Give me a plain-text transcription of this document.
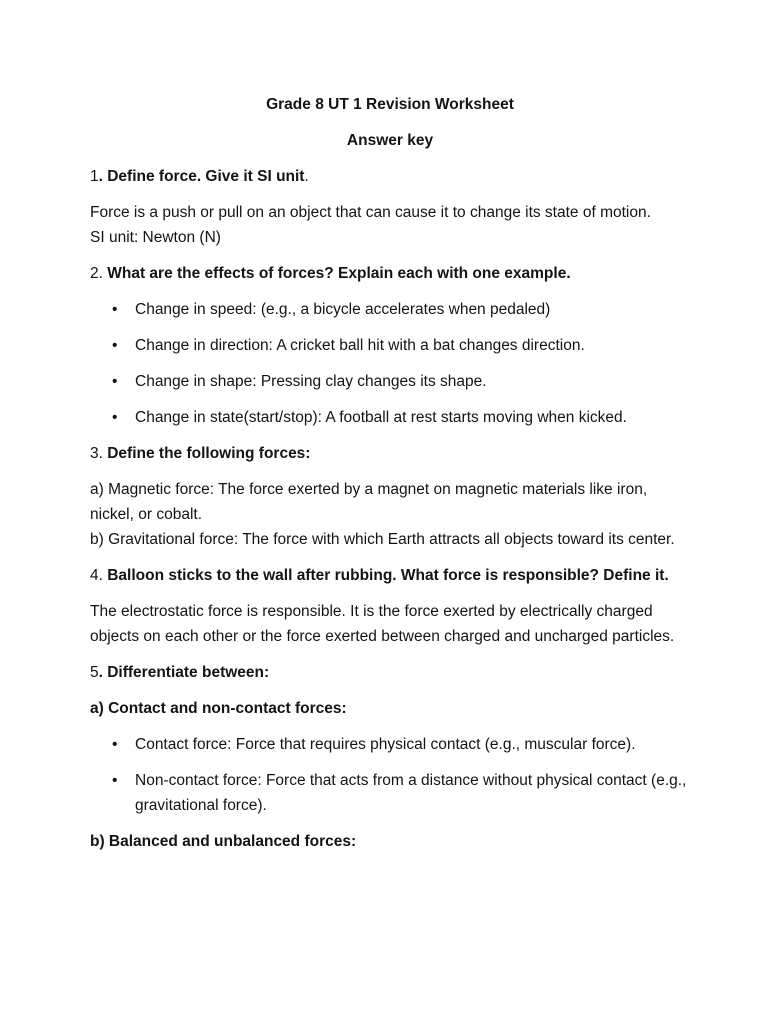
Grade 8 UT 1 Revision Worksheet
Answer key

1. Define force. Give it SI unit.

Force is a push or pull on an object that can cause it to change its state of motion.
SI unit: Newton (N)

2. What are the effects of forces? Explain each with one example.

• Change in speed: (e.g., a bicycle accelerates when pedaled)
• Change in direction: A cricket ball hit with a bat changes direction.
• Change in shape: Pressing clay changes its shape.
• Change in state(start/stop): A football at rest starts moving when kicked.

3. Define the following forces:

a) Magnetic force: The force exerted by a magnet on magnetic materials like iron, nickel, or cobalt.
b) Gravitational force: The force with which Earth attracts all objects toward its center.

4. Balloon sticks to the wall after rubbing. What force is responsible? Define it.

The electrostatic force is responsible. It is the force exerted by electrically charged objects on each other or the force exerted between charged and uncharged particles.

5. Differentiate between:

a) Contact and non-contact forces:

• Contact force: Force that requires physical contact (e.g., muscular force).
• Non-contact force: Force that acts from a distance without physical contact (e.g., gravitational force).

b) Balanced and unbalanced forces:
